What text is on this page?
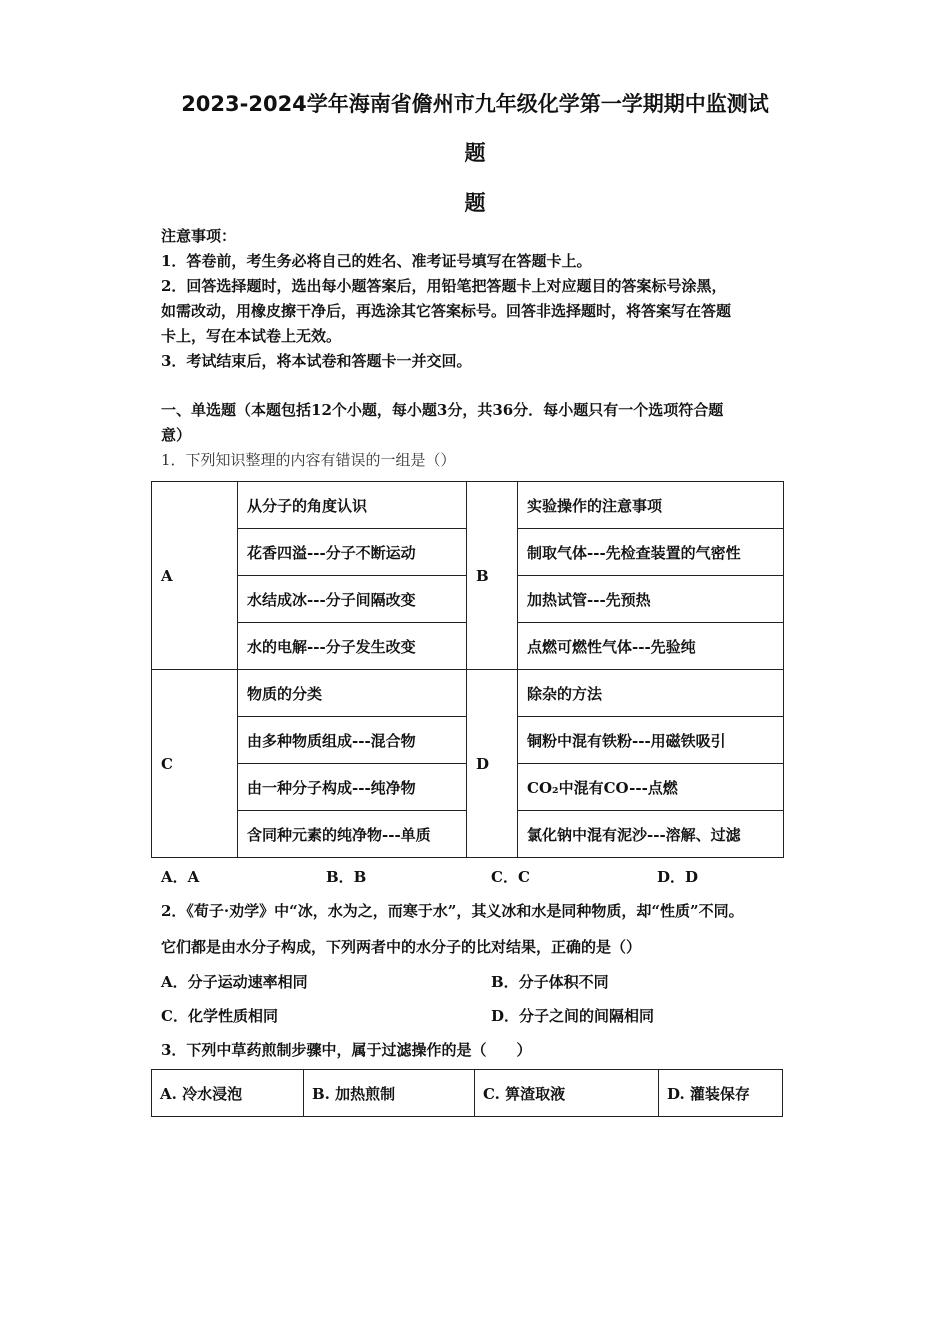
2023-2024学年海南省儋州市九年级化学第一学期期中监测试
题
题
注意事项：
1．答卷前，考生务必将自己的姓名、准考证号填写在答题卡上。
2．回答选择题时，选出每小题答案后，用铅笔把答题卡上对应题目的答案标号涂黑，
如需改动，用橡皮擦干净后，再选涂其它答案标号。回答非选择题时，将答案写在答题
卡上，写在本试卷上无效。
3．考试结束后，将本试卷和答题卡一并交回。
一、单选题（本题包括12个小题，每小题3分，共36分．每小题只有一个选项符合题
意）
1．下列知识整理的内容有错误的一组是（）
A	从分子的角度认识	B	实验操作的注意事项
	花香四溢---分子不断运动		制取气体---先检查装置的气密性
	水结成冰---分子间隔改变		加热试管---先预热
	水的电解---分子发生改变		点燃可燃性气体---先验纯
C	物质的分类	D	除杂的方法
	由多种物质组成---混合物		铜粉中混有铁粉---用磁铁吸引
	由一种分子构成---纯净物		CO₂中混有CO---点燃
	含同种元素的纯净物---单质		氯化钠中混有泥沙---溶解、过滤
A．A	B．B	C．C	D．D
2．《荀子·劝学》中“冰，水为之，而寒于水”，其义冰和水是同种物质，却“性质”不同。
它们都是由水分子构成，下列两者中的水分子的比对结果，正确的是（）
A．分子运动速率相同	B．分子体积不同
C．化学性质相同	D．分子之间的间隔相同
3．下列中草药煎制步骤中，属于过滤操作的是（　　）
A. 冷水浸泡	B. 加热煎制	C. 箅渣取液	D. 灌装保存
